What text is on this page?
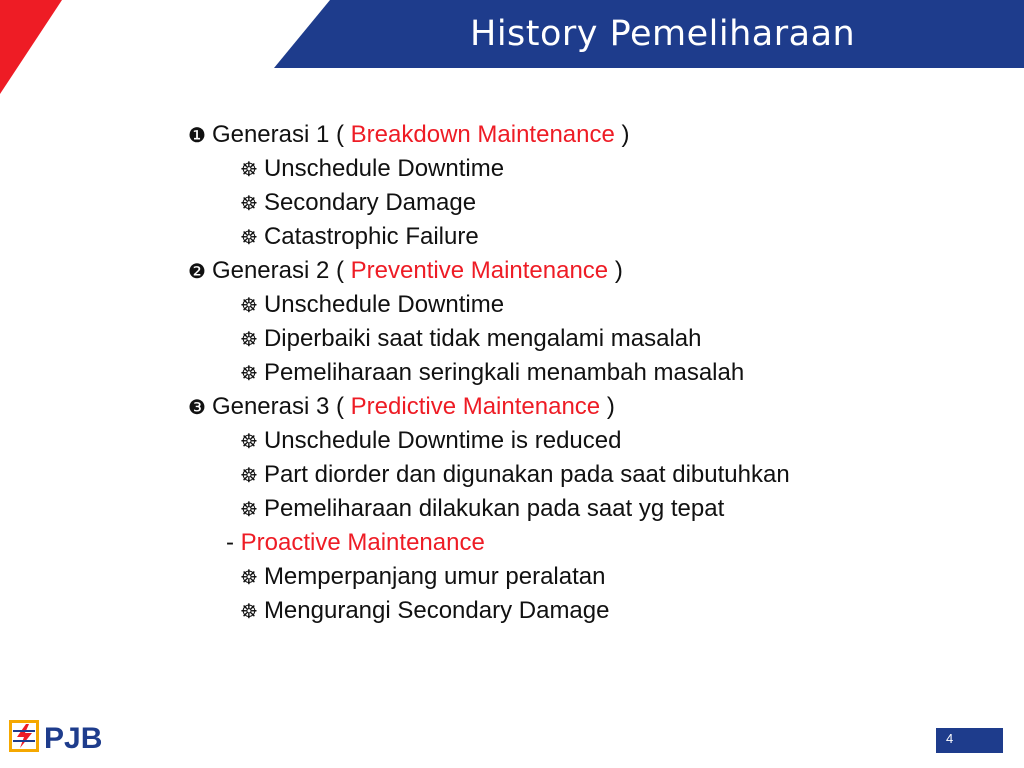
History Pemeliharaan
❶ Generasi 1 ( Breakdown Maintenance )
☸ Unschedule Downtime
☸ Secondary Damage
☸ Catastrophic Failure
❷ Generasi 2 ( Preventive Maintenance )
☸ Unschedule Downtime
☸ Diperbaiki saat tidak mengalami masalah
☸ Pemeliharaan seringkali menambah masalah
❸ Generasi 3 ( Predictive Maintenance )
☸ Unschedule Downtime is reduced
☸ Part diorder dan digunakan pada saat dibutuhkan
☸ Pemeliharaan dilakukan pada saat yg tepat
- Proactive Maintenance
☸ Memperpanjang umur peralatan
☸ Mengurangi Secondary Damage
PJB	4
